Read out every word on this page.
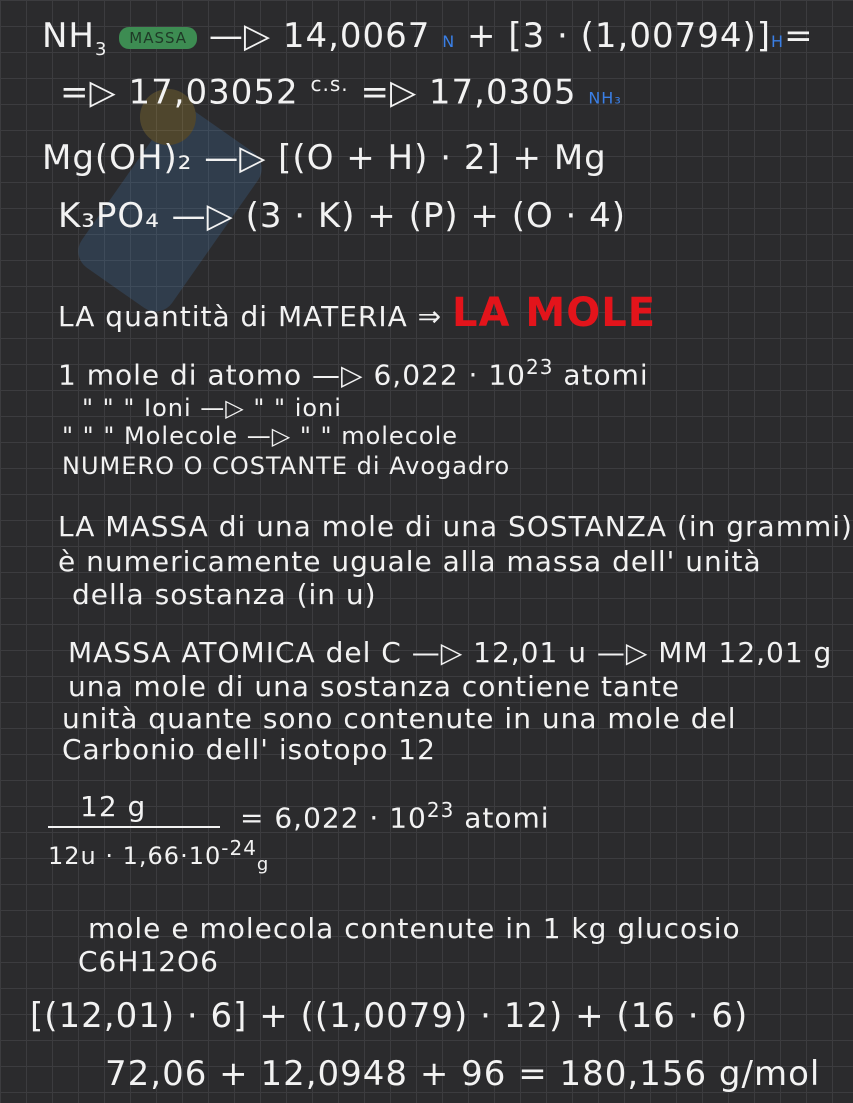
$NH_3$ MASSA —▷ 14,0067 N + [3 · (1,00794)]H=
=▷ 17,03052 $^{c.s.}$ =▷ 17,0305 NH₃
Mg(OH)₂ —▷ [(O + H) · 2] + Mg
K₃PO₄ —▷ (3 · K) + (P) + (O · 4)
LA quantità di MATERIA ⇒ LA MOLE
1 mole di atomo —▷ $6,022 \cdot 10^{23}$ atomi
" " " Ioni —▷ " " ioni
" " " Molecole —▷ " " molecole
NUMERO O COSTANTE di Avogadro
LA MASSA di una mole di una SOSTANZA (in grammi)
è numericamente uguale alla massa dell' unità
della sostanza (in u)
MASSA ATOMICA del C —▷ 12,01 u —▷ MM 12,01 g
una mole di una sostanza contiene tante
unità quante sono contenute in una mole del
Carbonio dell' isotopo 12
12 g
$12u \cdot 1,66\cdot 10^{-24}_g$
= $6,022 \cdot 10^{23}$ atomi
mole e molecola contenute in 1 kg glucosio
C6H12O6
[(12,01) · 6] + ((1,0079) · 12) + (16 · 6)
72,06 + 12,0948 + 96 = 180,156 g/mol
